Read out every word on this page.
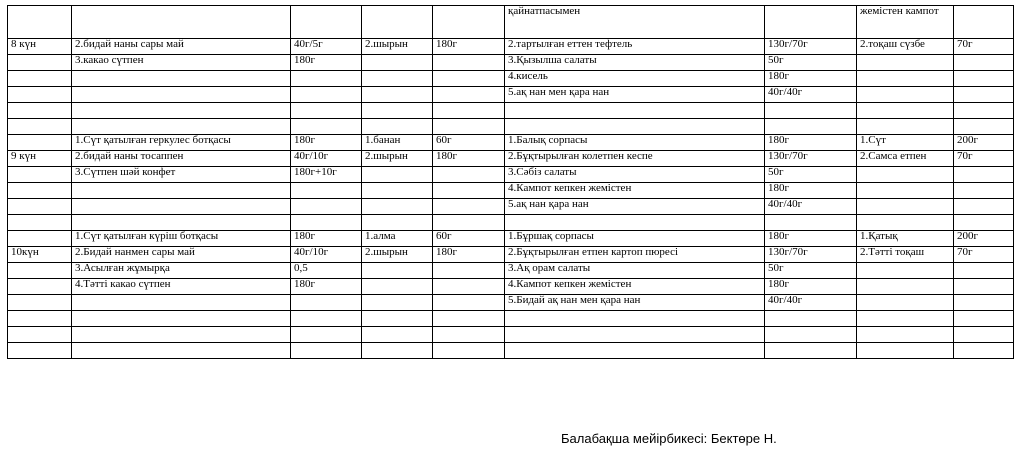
					қайнатпасымен		жемістен кампот	
8 күн	2.бидай наны сары май	40г/5г	2.шырын	180г	2.тартылған еттен тефтель	130г/70г	2.тоқаш сүзбе	70г
	3.какао сүтпен	180г			3.Қызылша салаты	50г		
					4.кисель	180г		
					5.ақ нан мен қара нан	40г/40г		

	1.Сүт қатылған геркулес ботқасы	180г	1.банан	60г	1.Балық сорпасы	180г	1.Сүт	200г
9 күн	2.бидай наны тосаппен	40г/10г	2.шырын	180г	2.Бұқтырылған колетпен кеспе	130г/70г	2.Самса етпен	70г
	3.Сүтпен шәй конфет	180г+10г			3.Сәбіз салаты	50г		
					4.Кампот кепкен жемістен	180г		
					5.ақ нан қара нан	40г/40г		

	1.Сүт қатылған күріш ботқасы	180г	1.алма	60г	1.Бұршақ сорпасы	180г	1.Қатық	200г
10күн	2.Бидай нанмен сары май	40г/10г	2.шырын	180г	2.Бұқтырылған етпен картоп пюресі	130г/70г	2.Тәтті тоқаш	70г
	3.Асылған жұмырқа	0,5			3.Ақ орам салаты	50г		
	4.Тәтті какао сүтпен	180г			4.Кампот кепкен жемістен	180г		
					5.Бидай ақ нан мен қара нан	40г/40г		

Балабақша мейірбикесі: Бектөре Н.
